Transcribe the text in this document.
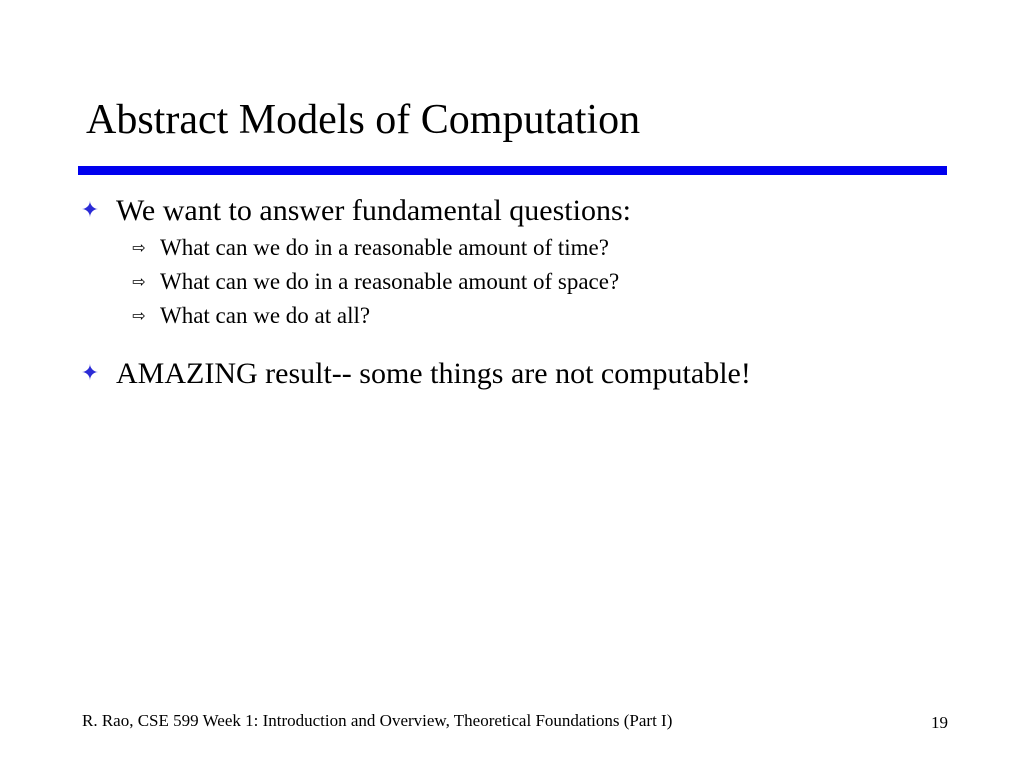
Abstract Models of Computation
✦ We want to answer fundamental questions:
⇨ What can we do in a reasonable amount of time?
⇨ What can we do in a reasonable amount of space?
⇨ What can we do at all?
✦ AMAZING result-- some things are not computable!
R. Rao, CSE 599 Week 1: Introduction and Overview, Theoretical Foundations (Part I)	19
